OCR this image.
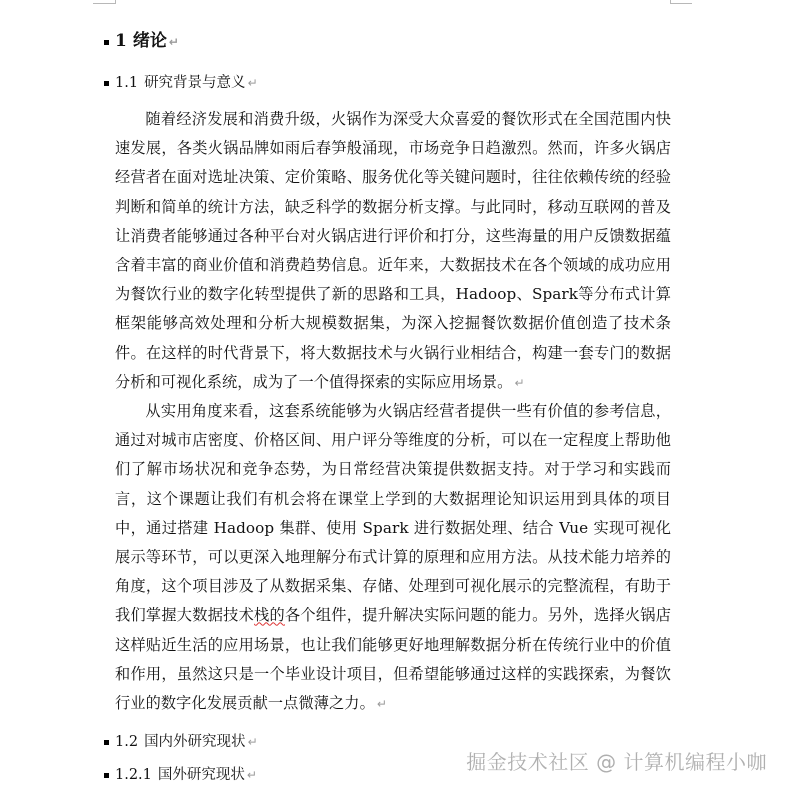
1 绪论 ↵
1.1 研究背景与意义 ↵

随着经济发展和消费升级，火锅作为深受大众喜爱的餐饮形式在全国范围内快速发展，各类火锅品牌如雨后春笋般涌现，市场竞争日趋激烈。然而，许多火锅店经营者在面对选址决策、定价策略、服务优化等关键问题时，往往依赖传统的经验判断和简单的统计方法，缺乏科学的数据分析支撑。与此同时，移动互联网的普及让消费者能够通过各种平台对火锅店进行评价和打分，这些海量的用户反馈数据蕴含着丰富的商业价值和消费趋势信息。近年来，大数据技术在各个领域的成功应用为餐饮行业的数字化转型提供了新的思路和工具，Hadoop、Spark等分布式计算框架能够高效处理和分析大规模数据集，为深入挖掘餐饮数据价值创造了技术条件。在这样的时代背景下，将大数据技术与火锅行业相结合，构建一套专门的数据分析和可视化系统，成为了一个值得探索的实际应用场景。 ↵

从实用角度来看，这套系统能够为火锅店经营者提供一些有价值的参考信息，通过对城市店密度、价格区间、用户评分等维度的分析，可以在一定程度上帮助他们了解市场状况和竞争态势，为日常经营决策提供数据支持。对于学习和实践而言，这个课题让我们有机会将在课堂上学到的大数据理论知识运用到具体的项目中，通过搭建 Hadoop 集群、使用 Spark 进行数据处理、结合 Vue 实现可视化展示等环节，可以更深入地理解分布式计算的原理和应用方法。从技术能力培养的角度，这个项目涉及了从数据采集、存储、处理到可视化展示的完整流程，有助于我们掌握大数据技术栈的各个组件，提升解决实际问题的能力。另外，选择火锅店这样贴近生活的应用场景，也让我们能够更好地理解数据分析在传统行业中的价值和作用，虽然这只是一个毕业设计项目，但希望能够通过这样的实践探索，为餐饮行业的数字化发展贡献一点微薄之力。 ↵

1.2 国内外研究现状 ↵
1.2.1 国外研究现状 ↵
掘金技术社区 @ 计算机编程小咖
